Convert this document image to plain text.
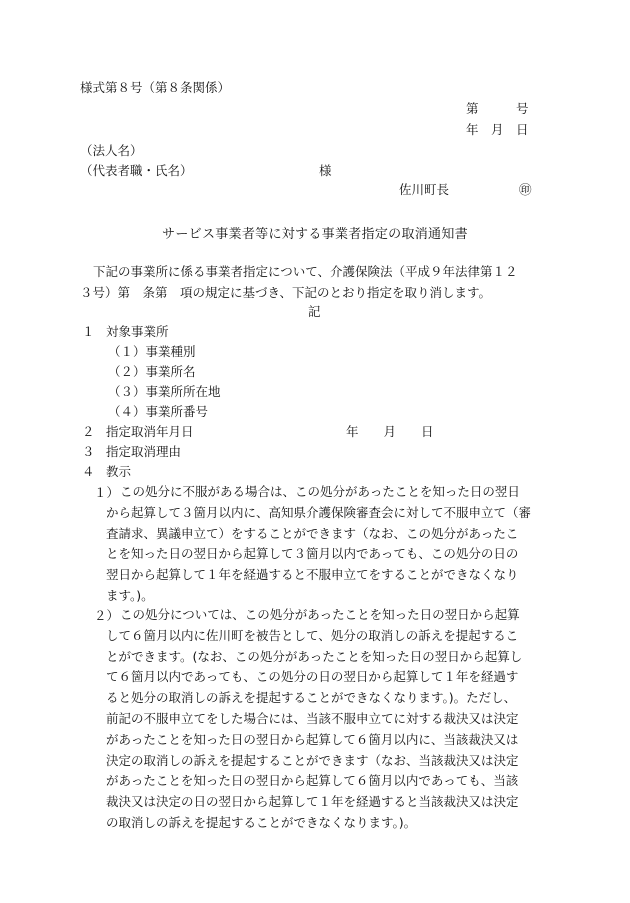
様式第８号（第８条関係）
第　　　号
年　月　日
（法人名）
（代表者職・氏名）	様
佐川町長	㊞
サービス事業者等に対する事業者指定の取消通知書
下記の事業所に係る事業者指定について、介護保険法（平成９年法律第１２
３号）第　条第　項の規定に基づき、下記のとおり指定を取り消します。
記
１ 対象事業所
（１）事業種別
（２）事業所名
（３）事業所所在地
（４）事業所番号
２ 指定取消年月日	年　　月　　日
３ 指定取消理由
４ 教示
１） この処分に不服がある場合は、この処分があったことを知った日の翌日
から起算して３箇月以内に、高知県介護保険審査会に対して不服申立て（審
査請求、異議申立て）をすることができます（なお、この処分があったこ
とを知った日の翌日から起算して３箇月以内であっても、この処分の日の
翌日から起算して１年を経過すると不服申立てをすることができなくなり
ます。)。
２） この処分については、この処分があったことを知った日の翌日から起算
して６箇月以内に佐川町を被告として、処分の取消しの訴えを提起するこ
とができます。(なお、この処分があったことを知った日の翌日から起算し
て６箇月以内であっても、この処分の日の翌日から起算して１年を経過す
ると処分の取消しの訴えを提起することができなくなります。)。ただし、
前記の不服申立てをした場合には、当該不服申立てに対する裁決又は決定
があったことを知った日の翌日から起算して６箇月以内に、当該裁決又は
決定の取消しの訴えを提起することができます（なお、当該裁決又は決定
があったことを知った日の翌日から起算して６箇月以内であっても、当該
裁決又は決定の日の翌日から起算して１年を経過すると当該裁決又は決定
の取消しの訴えを提起することができなくなります。)。
